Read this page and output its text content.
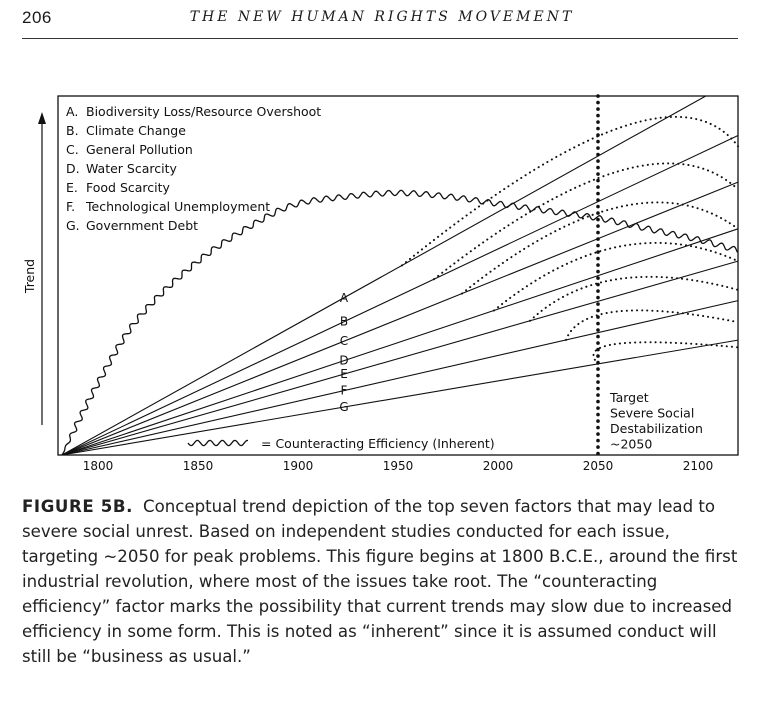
206	THE NEW HUMAN RIGHTS MOVEMENT
A
B
C
D
E
F
G
= Counteracting Efficiency (Inherent)
Target
Severe Social
Destabilization
~2050
1800	1850	1900	1950	2000	2050	2100
A. Biodiversity Loss/Resource Overshoot
B. Climate Change
C. General Pollution
D. Water Scarcity
E. Food Scarcity
F. Technological Unemployment
G. Government Debt
Trend

FIGURE 5B. Conceptual trend depiction of the top seven factors that may lead to severe social unrest. Based on independent studies conducted for each issue, targeting ~2050 for peak problems. This figure begins at 1800 B.C.E., around the first industrial revolution, where most of the issues take root. The “counteracting efficiency” factor marks the possibility that current trends may slow due to increased efficiency in some form. This is noted as “inherent” since it is assumed conduct will still be “business as usual.”
